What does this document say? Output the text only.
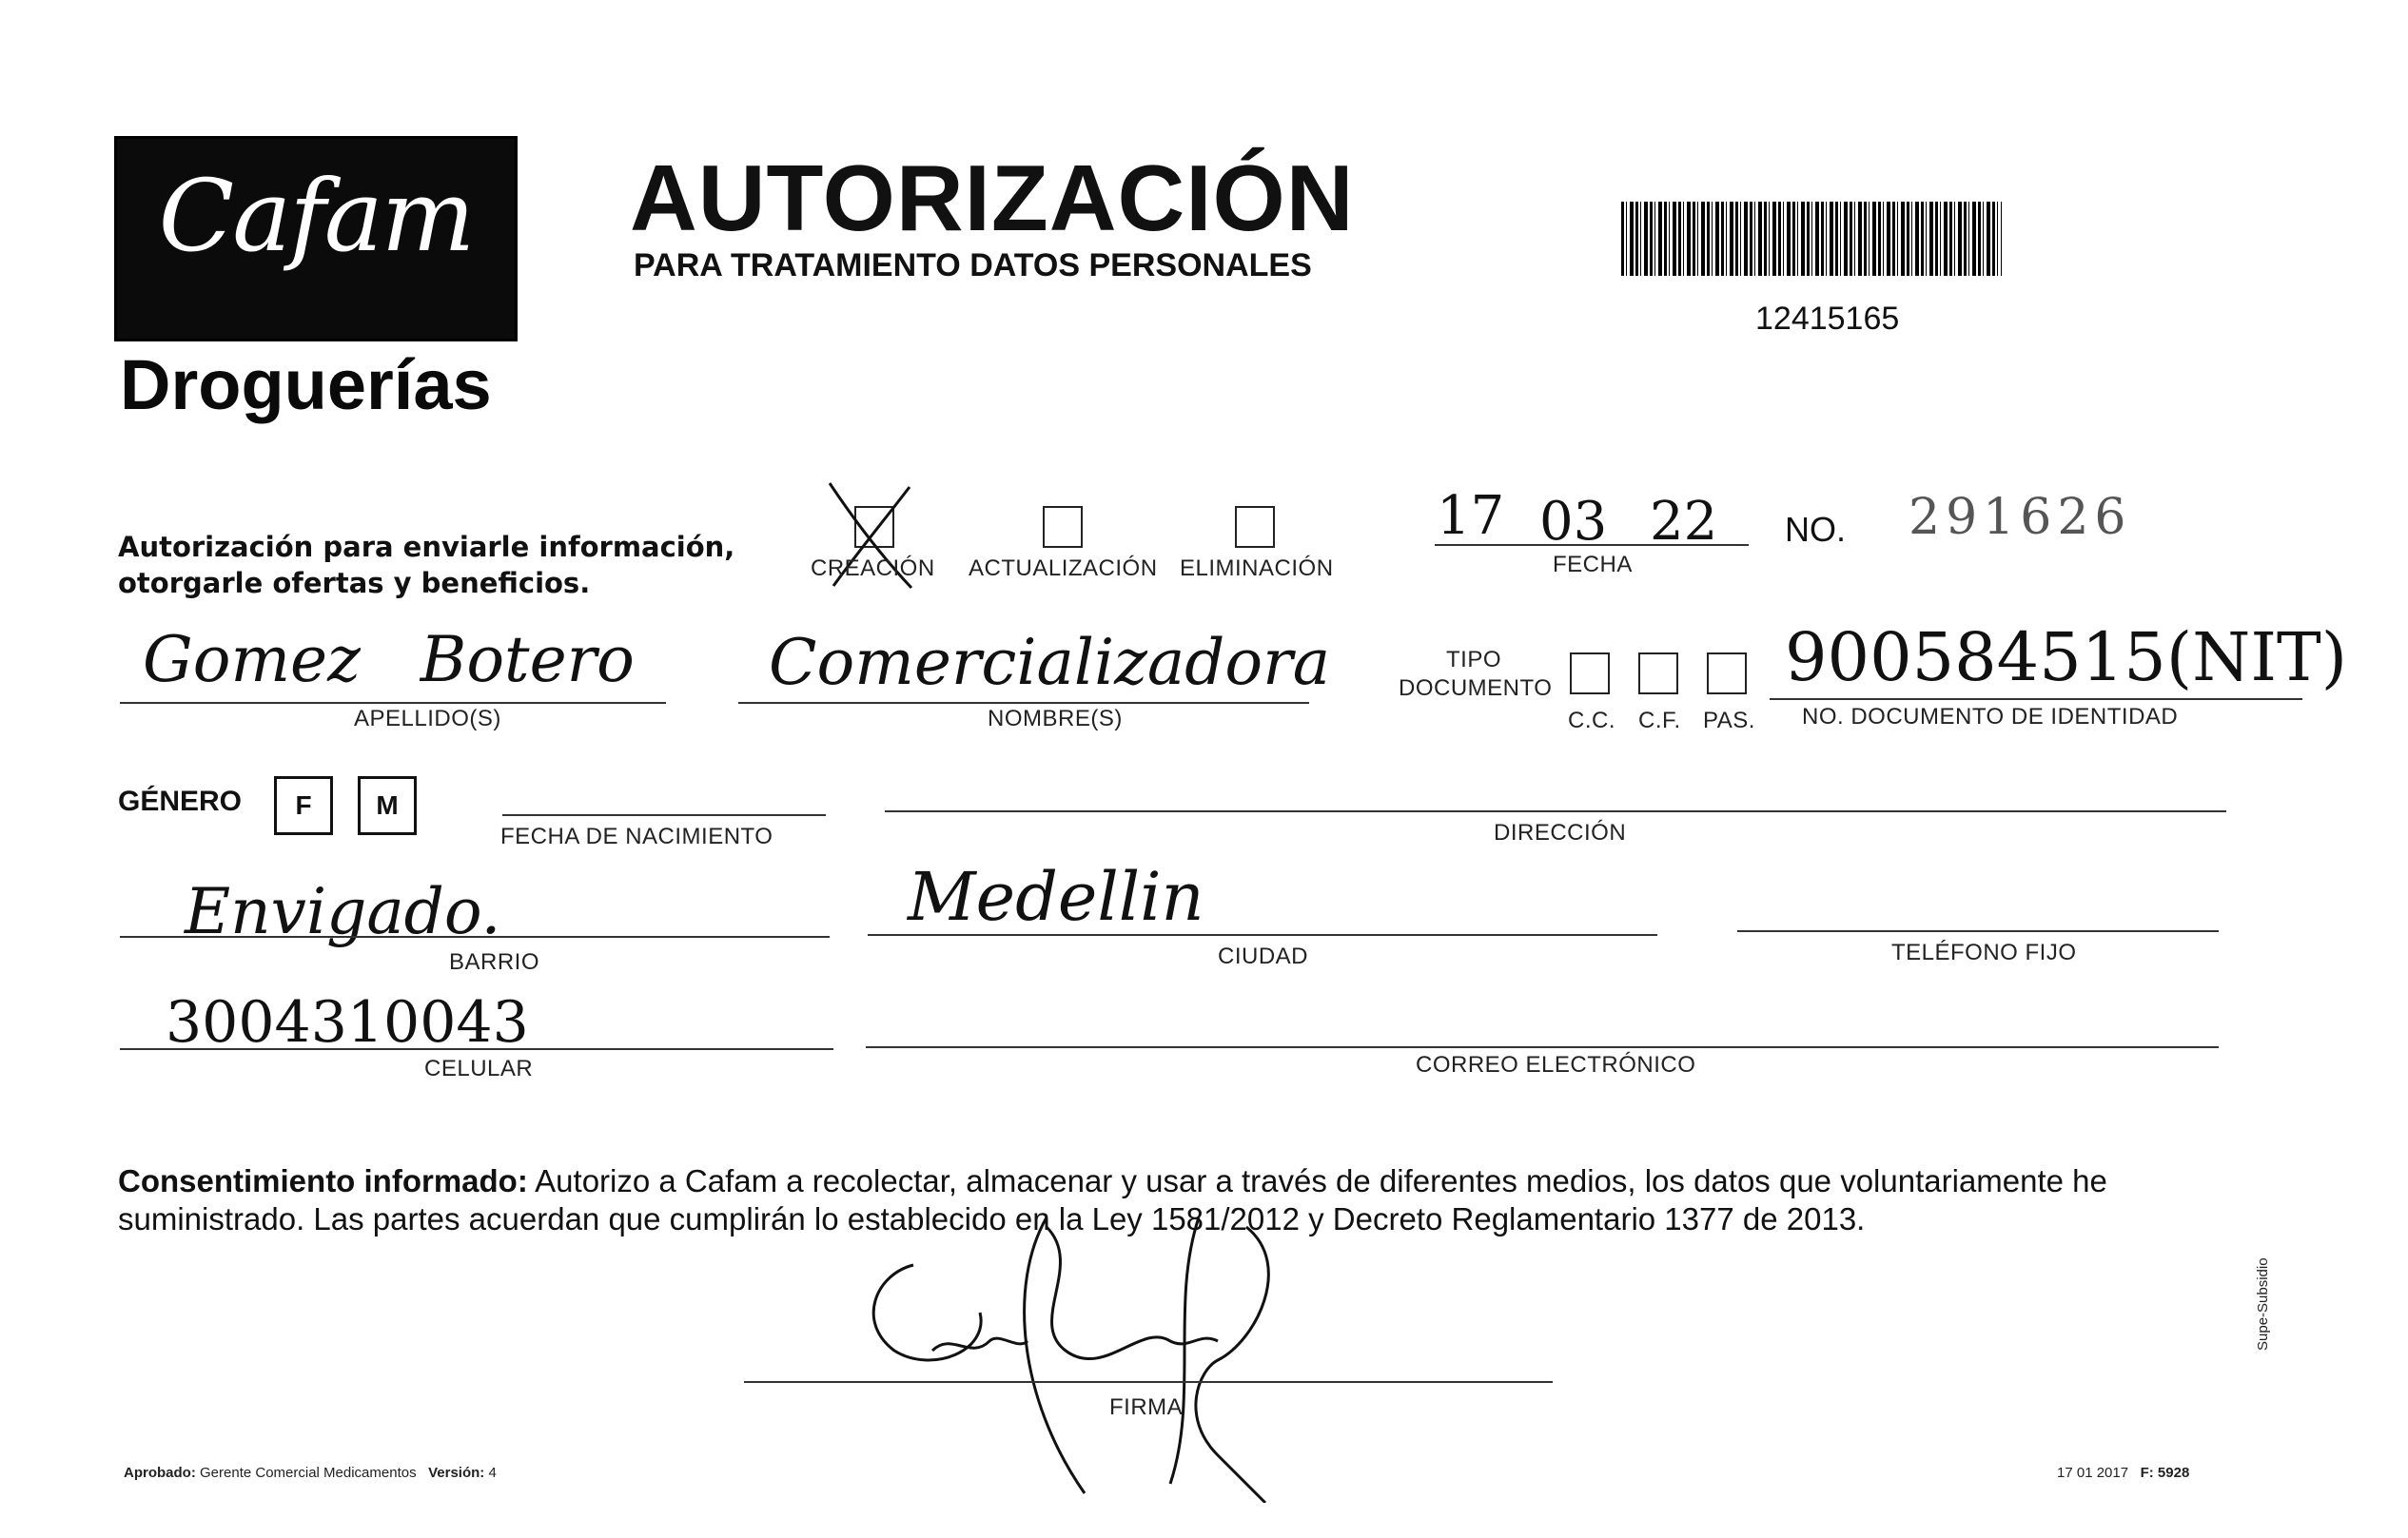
Cafam
Droguerías
AUTORIZACIÓN
PARA TRATAMIENTO DATOS PERSONALES
12415165
Autorización para enviarle información,
otorgarle ofertas y beneficios.	CREACIÓN ACTUALIZACIÓN ELIMINACIÓN
17 03 22
FECHA
NO. 291626
Gomez   Botero
APELLIDO(S)
Comercializadora
NOMBRE(S)
TIPO
DOCUMENTO
C.C. C.F. PAS.
900584515(NIT)
NO. DOCUMENTO DE IDENTIDAD
GÉNERO	F	M
FECHA DE NACIMIENTO	DIRECCIÓN
Envigado.
BARRIO
Medellin
CIUDAD	TELÉFONO FIJO
3004310043
CELULAR	CORREO ELECTRÓNICO
Consentimiento informado: Autorizo a Cafam a recolectar, almacenar y usar a través de diferentes medios, los datos que voluntariamente he suministrado. Las partes acuerdan que cumplirán lo establecido en la Ley 1581/2012 y Decreto Reglamentario 1377 de 2013.
FIRMA
Aprobado: Gerente Comercial Medicamentos Versión: 4	17 01 2017 F: 5928
Supe-Subsidio
